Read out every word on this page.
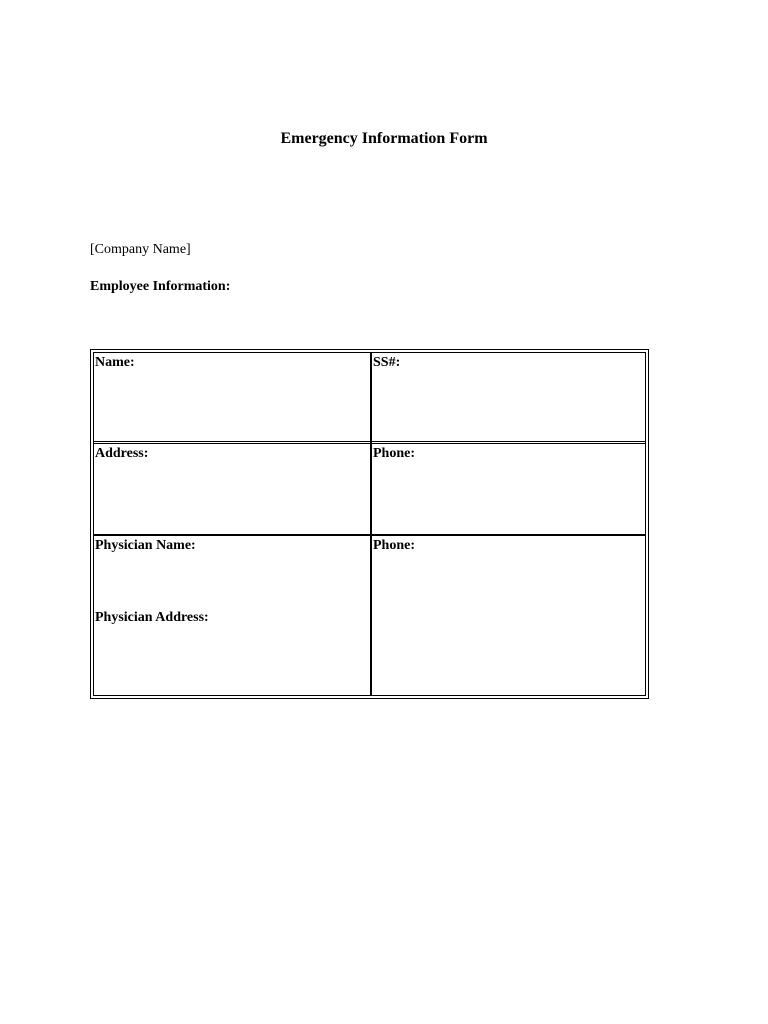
Emergency Information Form
[Company Name]
Employee Information:
Name:	SS#:
Address:	Phone:
Physician Name:
Physician Address:
Phone:
